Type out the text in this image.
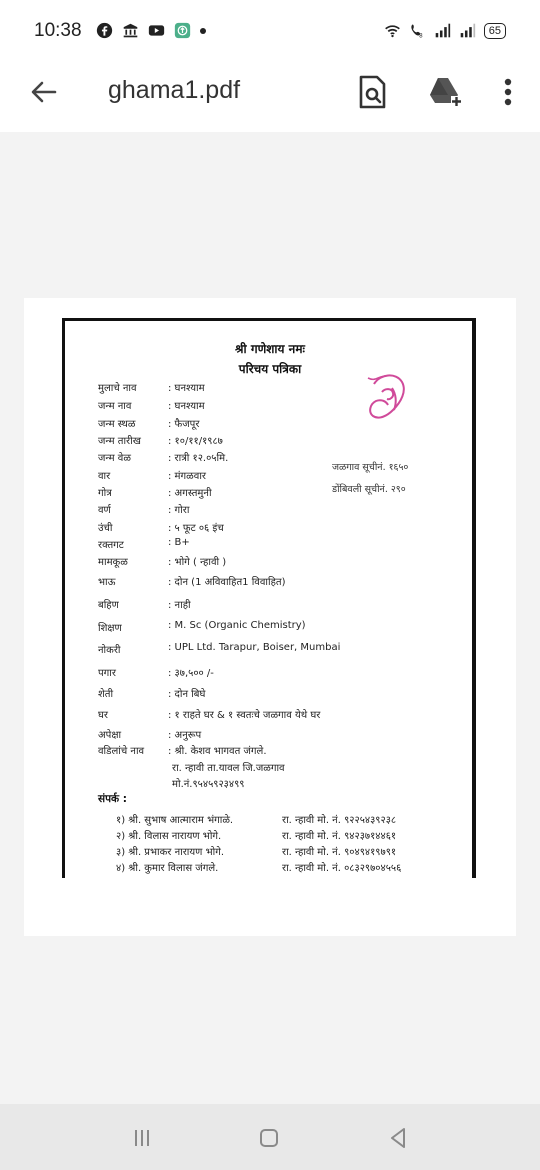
10:38	8	65
ghama1.pdf
श्री गणेशाय नमः
परिचय पत्रिका
जळगाव सूचीनं. १६५०
डोंबिवली सूचीनं. २९०
मुलाचे नाव	: घनश्याम
जन्म नाव	: घनश्याम
जन्म स्थळ	: फैजपूर
जन्म तारीख	: १०/११/१९८७
जन्म वेळ	: रात्री १२.०५मि.
वार	: मंगळवार
गोत्र	: अगस्तमुनी
वर्ण	: गोरा
उंची	: ५ फूट ०६ इंच
रक्तगट	: B+
मामकूळ	: भोगे ( न्हावी )
भाऊ	: दोन (1 अविवाहित1 विवाहित)
बहिण	: नाही
शिक्षण	: M. Sc (Organic Chemistry)
नोकरी	: UPL Ltd. Tarapur, Boiser, Mumbai
पगार	: ३७,५०० /-
शेती	: दोन बिघे
घर	: १ राहते घर & १ स्वतःचे जळगाव येथे घर
अपेक्षा	: अनुरूप
वडिलांचे नाव : श्री. केशव भागवत जंगले.
रा. न्हावी ता.यावल जि.जळगाव
मो.नं.९५४५९२३४९९
संपर्क :
१) श्री. सुभाष आत्माराम भंगाळे.	रा. न्हावी मो. नं. ९२२५४३९२३८
२) श्री. विलास नारायण भोगे.	रा. न्हावी मो. नं. ९४२३७१४४६१
३) श्री. प्रभाकर नारायण भोगे.	रा. न्हावी मो. नं. ९०४९४१९७९१
४) श्री. कुमार विलास जंगले.	रा. न्हावी मो. नं. ०८३२९७०४५५६
